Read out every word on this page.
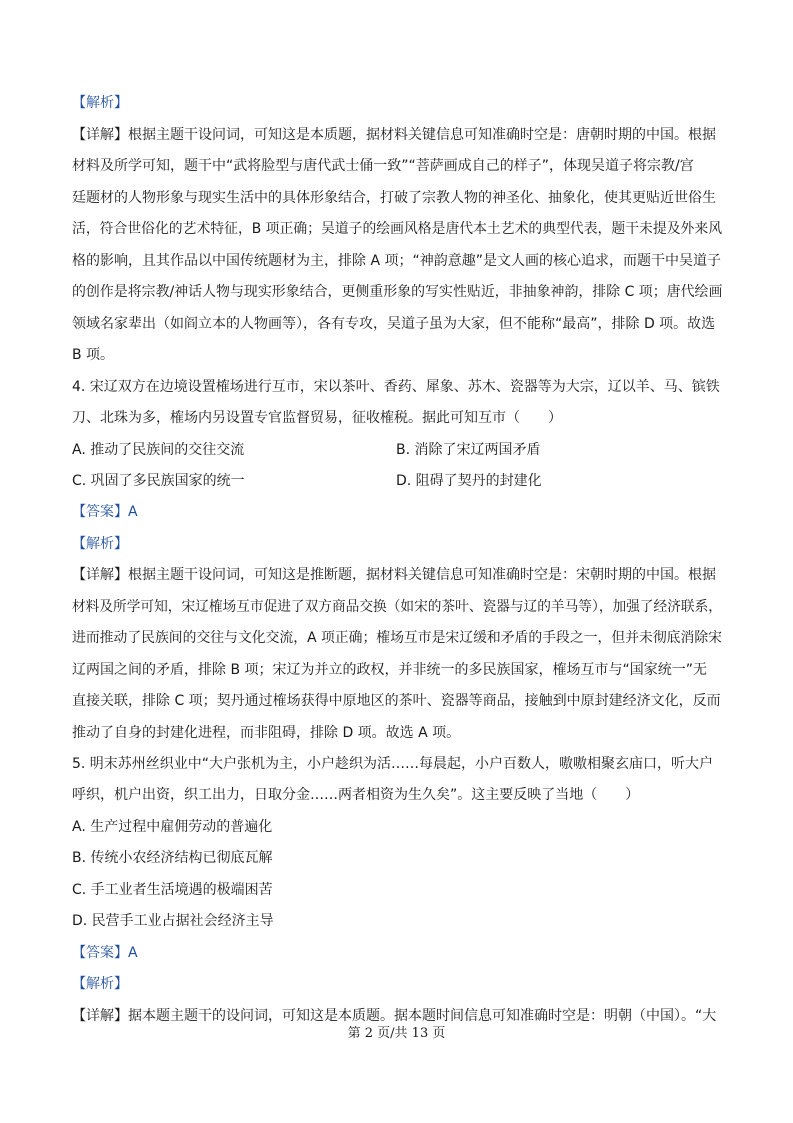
【解析】
【详解】根据主题干设问词，可知这是本质题，据材料关键信息可知准确时空是：唐朝时期的中国。根据
材料及所学可知，题干中“武将脸型与唐代武士俑一致”“菩萨画成自己的样子”，体现吴道子将宗教/宫
廷题材的人物形象与现实生活中的具体形象结合，打破了宗教人物的神圣化、抽象化，使其更贴近世俗生
活，符合世俗化的艺术特征，B 项正确；吴道子的绘画风格是唐代本土艺术的典型代表，题干未提及外来风
格的影响，且其作品以中国传统题材为主，排除 A 项；“神韵意趣”是文人画的核心追求，而题干中吴道子
的创作是将宗教/神话人物与现实形象结合，更侧重形象的写实性贴近，非抽象神韵，排除 C 项；唐代绘画
领域名家辈出（如阎立本的人物画等），各有专攻，吴道子虽为大家，但不能称“最高”，排除 D 项。故选
B 项。
4. 宋辽双方在边境设置榷场进行互市，宋以茶叶、香药、犀象、苏木、瓷器等为大宗，辽以羊、马、镔铁
刀、北珠为多，榷场内另设置专官监督贸易，征收榷税。据此可知互市（　　）
A. 推动了民族间的交往交流	B. 消除了宋辽两国矛盾
C. 巩固了多民族国家的统一	D. 阻碍了契丹的封建化
【答案】A
【解析】
【详解】根据主题干设问词，可知这是推断题，据材料关键信息可知准确时空是：宋朝时期的中国。根据
材料及所学可知，宋辽榷场互市促进了双方商品交换（如宋的茶叶、瓷器与辽的羊马等），加强了经济联系，
进而推动了民族间的交往与文化交流，A 项正确；榷场互市是宋辽缓和矛盾的手段之一，但并未彻底消除宋
辽两国之间的矛盾，排除 B 项；宋辽为并立的政权，并非统一的多民族国家，榷场互市与“国家统一”无
直接关联，排除 C 项；契丹通过榷场获得中原地区的茶叶、瓷器等商品，接触到中原封建经济文化，反而
推动了自身的封建化进程，而非阻碍，排除 D 项。故选 A 项。
5. 明末苏州丝织业中“大户张机为主，小户趁织为活……每晨起，小户百数人，嗷嗷相聚玄庙口，听大户
呼织，机户出资，织工出力，日取分金……两者相资为生久矣”。这主要反映了当地（　　）
A. 生产过程中雇佣劳动的普遍化
B. 传统小农经济结构已彻底瓦解
C. 手工业者生活境遇的极端困苦
D. 民营手工业占据社会经济主导
【答案】A
【解析】
【详解】据本题主题干的设问词，可知这是本质题。据本题时间信息可知准确时空是：明朝（中国）。“大
第 2 页/共 13 页
